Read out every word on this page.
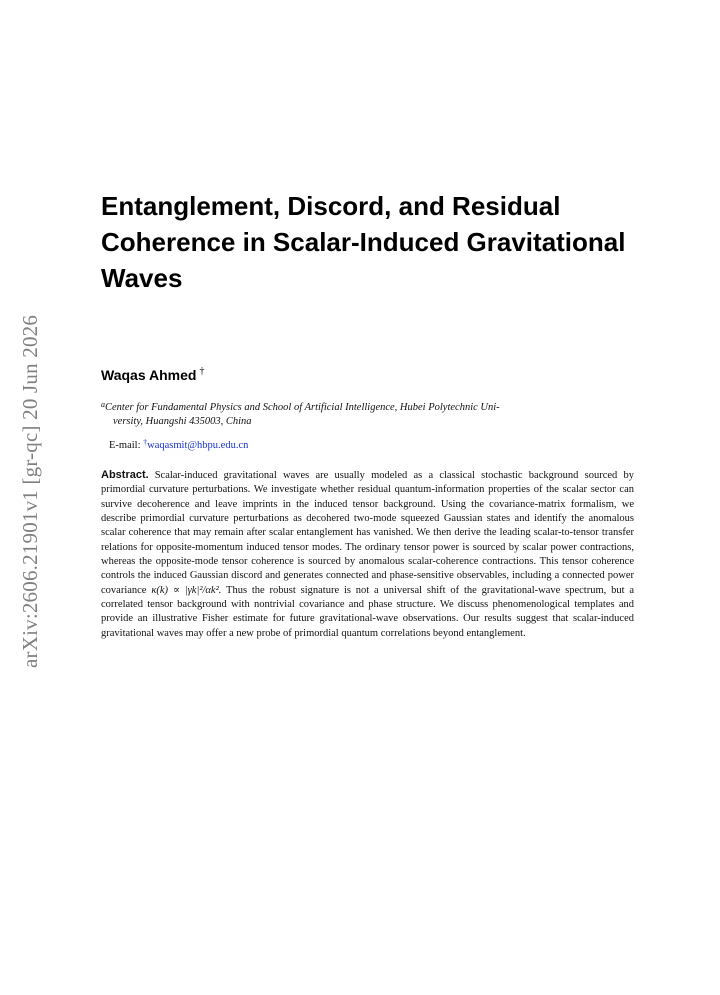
arXiv:2606.21901v1 [gr-qc] 20 Jun 2026
Entanglement, Discord, and Residual Coherence in Scalar-Induced Gravitational Waves
Waqas Ahmed †
$^a$Center for Fundamental Physics and School of Artificial Intelligence, Hubei Polytechnic Uni-
versity, Huangshi 435003, China
E-mail: †waqasmit@hbpu.edu.cn

Abstract. Scalar-induced gravitational waves are usually modeled as a classical stochastic background sourced by primordial curvature perturbations. We investigate whether residual quantum-information properties of the scalar sector can survive decoherence and leave imprints in the induced tensor background. Using the covariance-matrix formalism, we describe primordial curvature perturbations as decohered two-mode squeezed Gaussian states and identify the anomalous scalar coherence that may remain after scalar entanglement has vanished. We then derive the leading scalar-to-tensor transfer relations for opposite-momentum induced tensor modes. The ordinary tensor power is sourced by scalar power contractions, whereas the opposite-mode tensor coherence is sourced by anomalous scalar-coherence contractions. This tensor coherence controls the induced Gaussian discord and generates connected and phase-sensitive observables, including a connected power covariance κ(k) ∝ |γk|²/αk². Thus the robust signature is not a universal shift of the gravitational-wave spectrum, but a correlated tensor background with nontrivial covariance and phase structure. We discuss phenomenological templates and provide an illustrative Fisher estimate for future gravitational-wave observations. Our results suggest that scalar-induced gravitational waves may offer a new probe of primordial quantum correlations beyond entanglement.
